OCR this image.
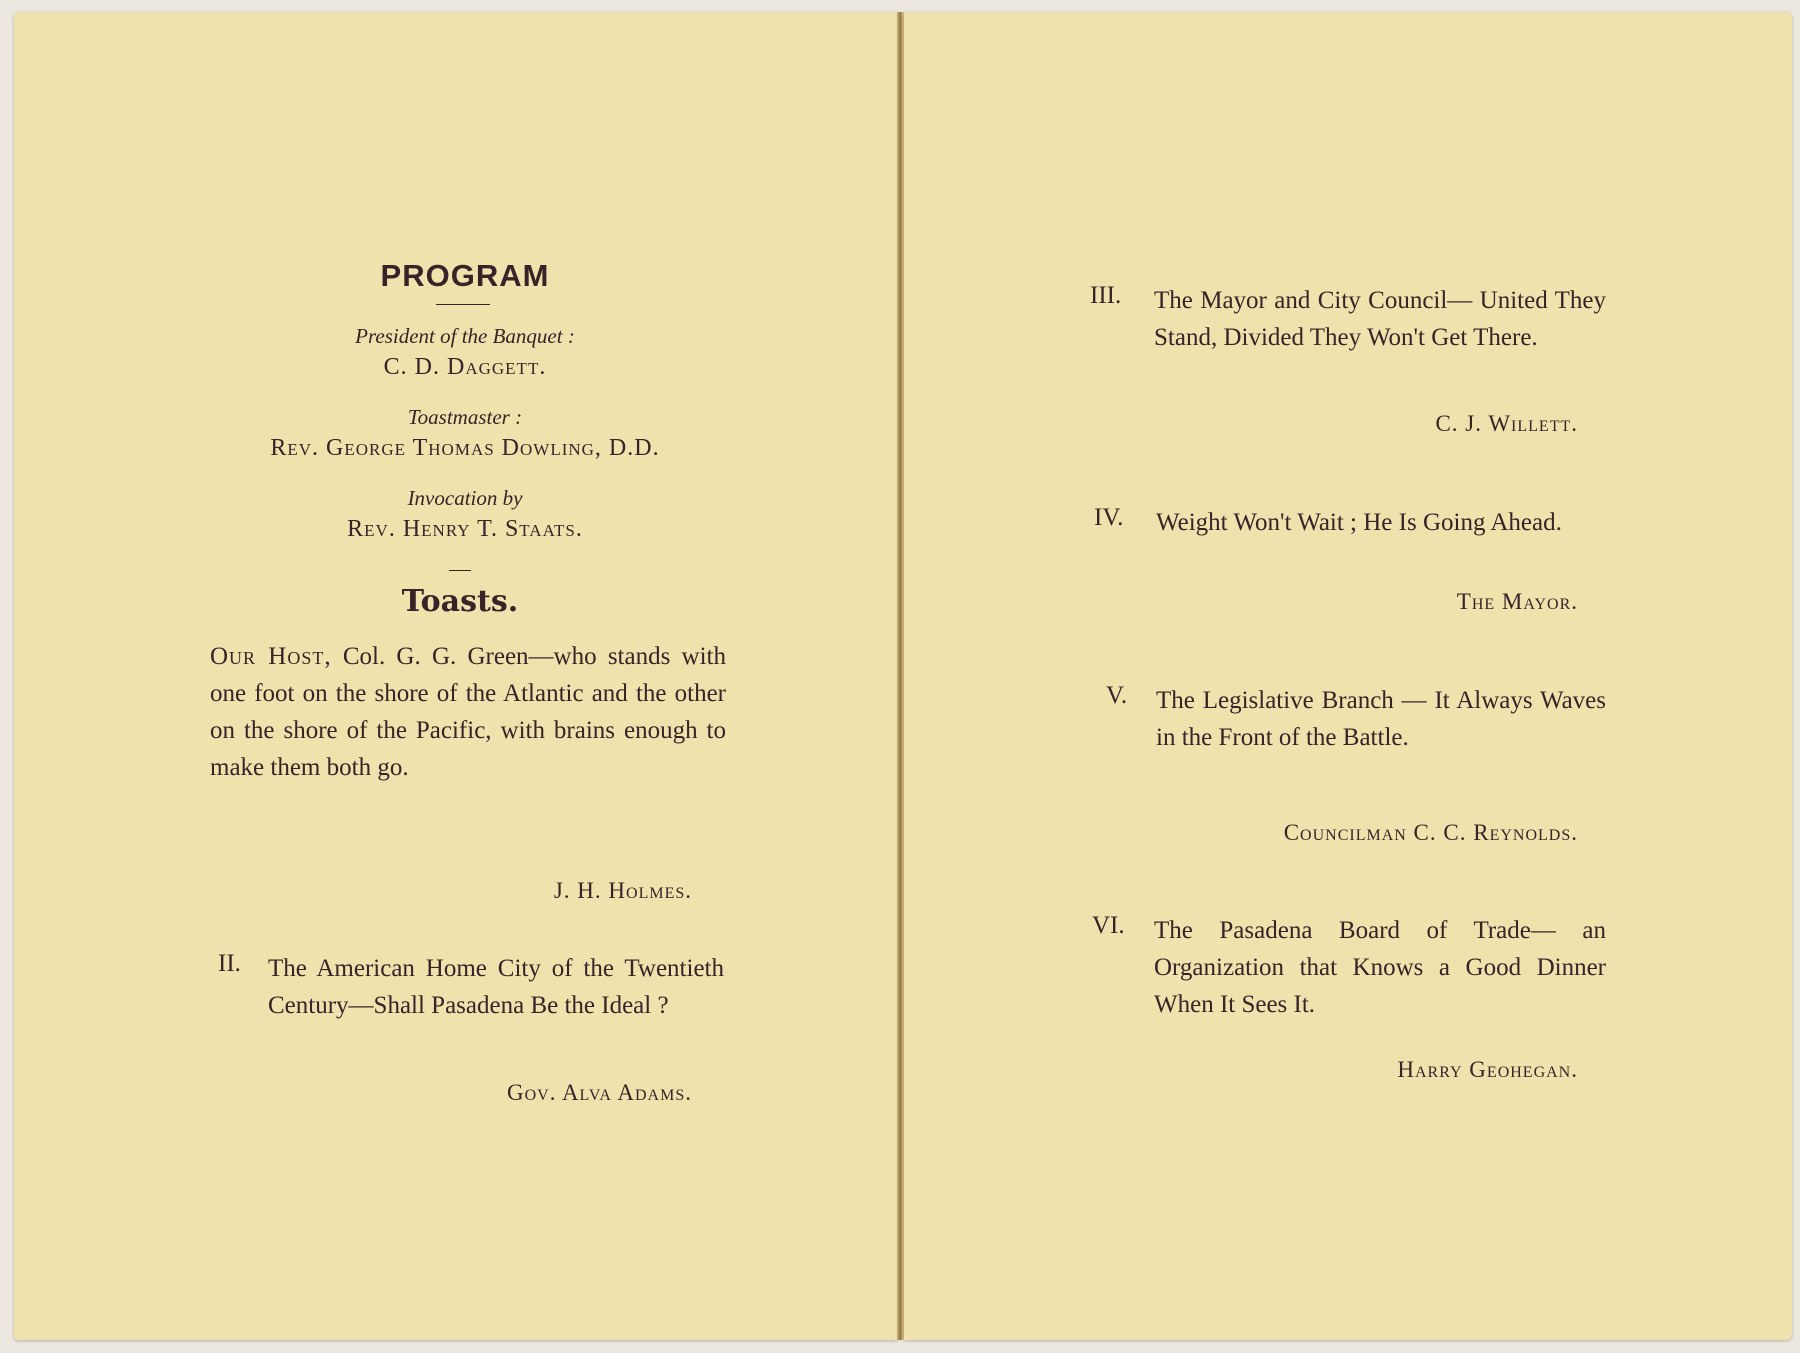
PROGRAM
President of the Banquet :
C. D. Daggett.
Toastmaster :
Rev. George Thomas Dowling, D.D.
Invocation by
Rev. Henry T. Staats.
Toasts.
Our Host, Col. G. G. Green—who stands with one foot on the shore of the Atlantic and the other on the shore of the Pacific, with brains enough to make them both go.
J. H. Holmes.
II. The American Home City of the Twentieth Century—Shall Pasadena Be the Ideal ?
Gov. Alva Adams.
III. The Mayor and City Council— United They Stand, Divided They Won't Get There.
C. J. Willett.
IV. Weight Won't Wait ; He Is Going Ahead.
The Mayor.
V. The Legislative Branch — It Always Waves in the Front of the Battle.
Councilman C. C. Reynolds.
VI. The Pasadena Board of Trade— an Organization that Knows a Good Dinner When It Sees It.
Harry Geohegan.
